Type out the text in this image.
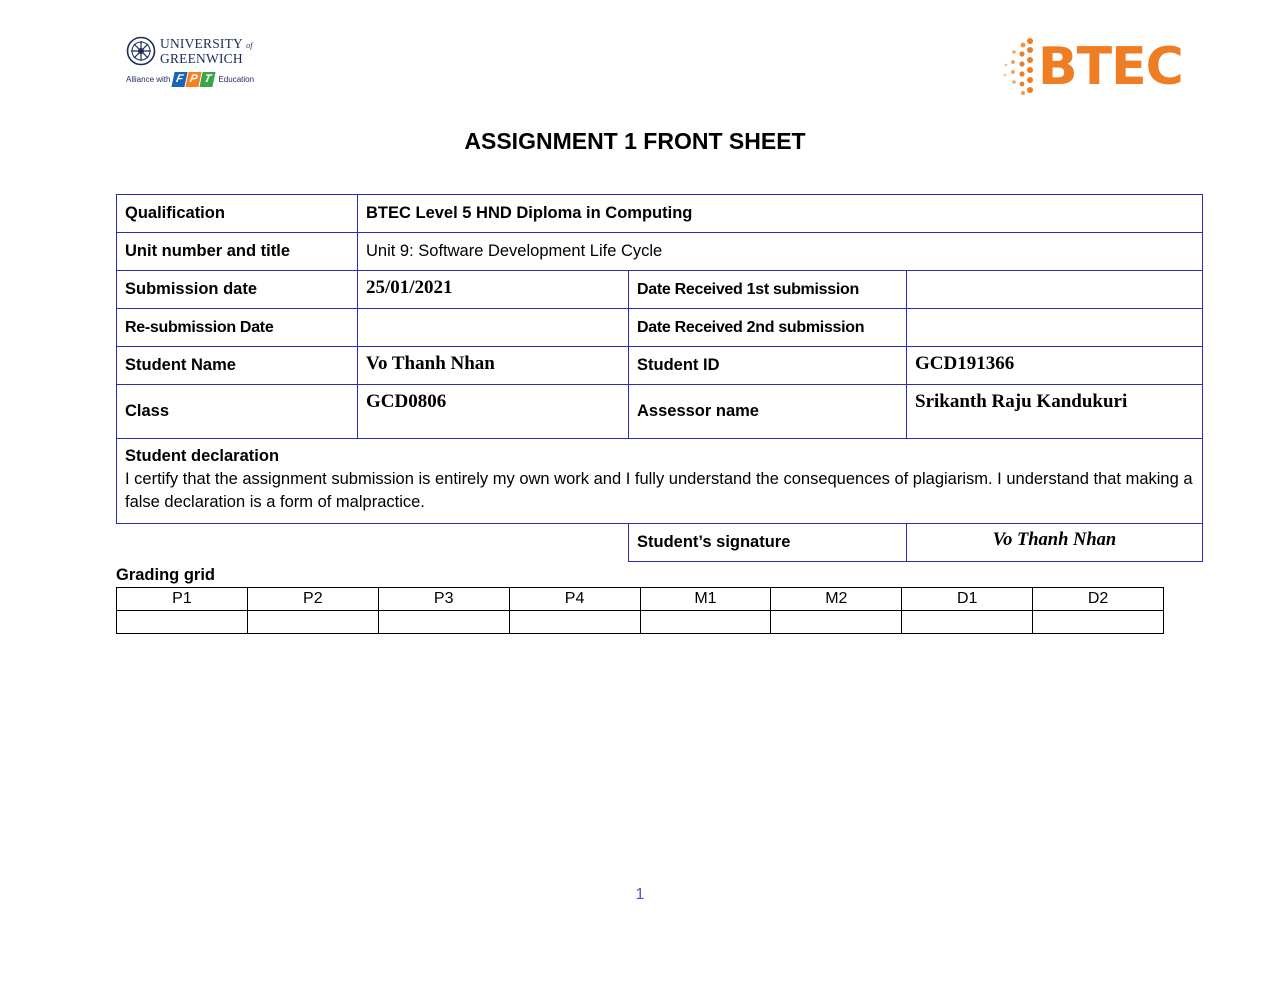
UNIVERSITY of
GREENWICH
Alliance with F P T Education	BTEC
ASSIGNMENT 1 FRONT SHEET
Qualification	BTEC Level 5 HND Diploma in Computing		
Unit number and title	Unit 9: Software Development Life Cycle		
Submission date	25/01/2021	Date Received 1st submission	
Re-submission Date		Date Received 2nd submission	
Student Name	Vo Thanh Nhan	Student ID	GCD191366
Class	GCD0806	Assessor name	Srikanth Raju Kandukuri

Student declaration
I certify that the assignment submission is entirely my own work and I fully understand the consequences of plagiarism. I understand that making a false declaration is a form of malpractice.			
		Student’s signature	Vo Thanh Nhan
Grading grid
P1	P2	P3	P4	M1	M2	D1	D2

1
